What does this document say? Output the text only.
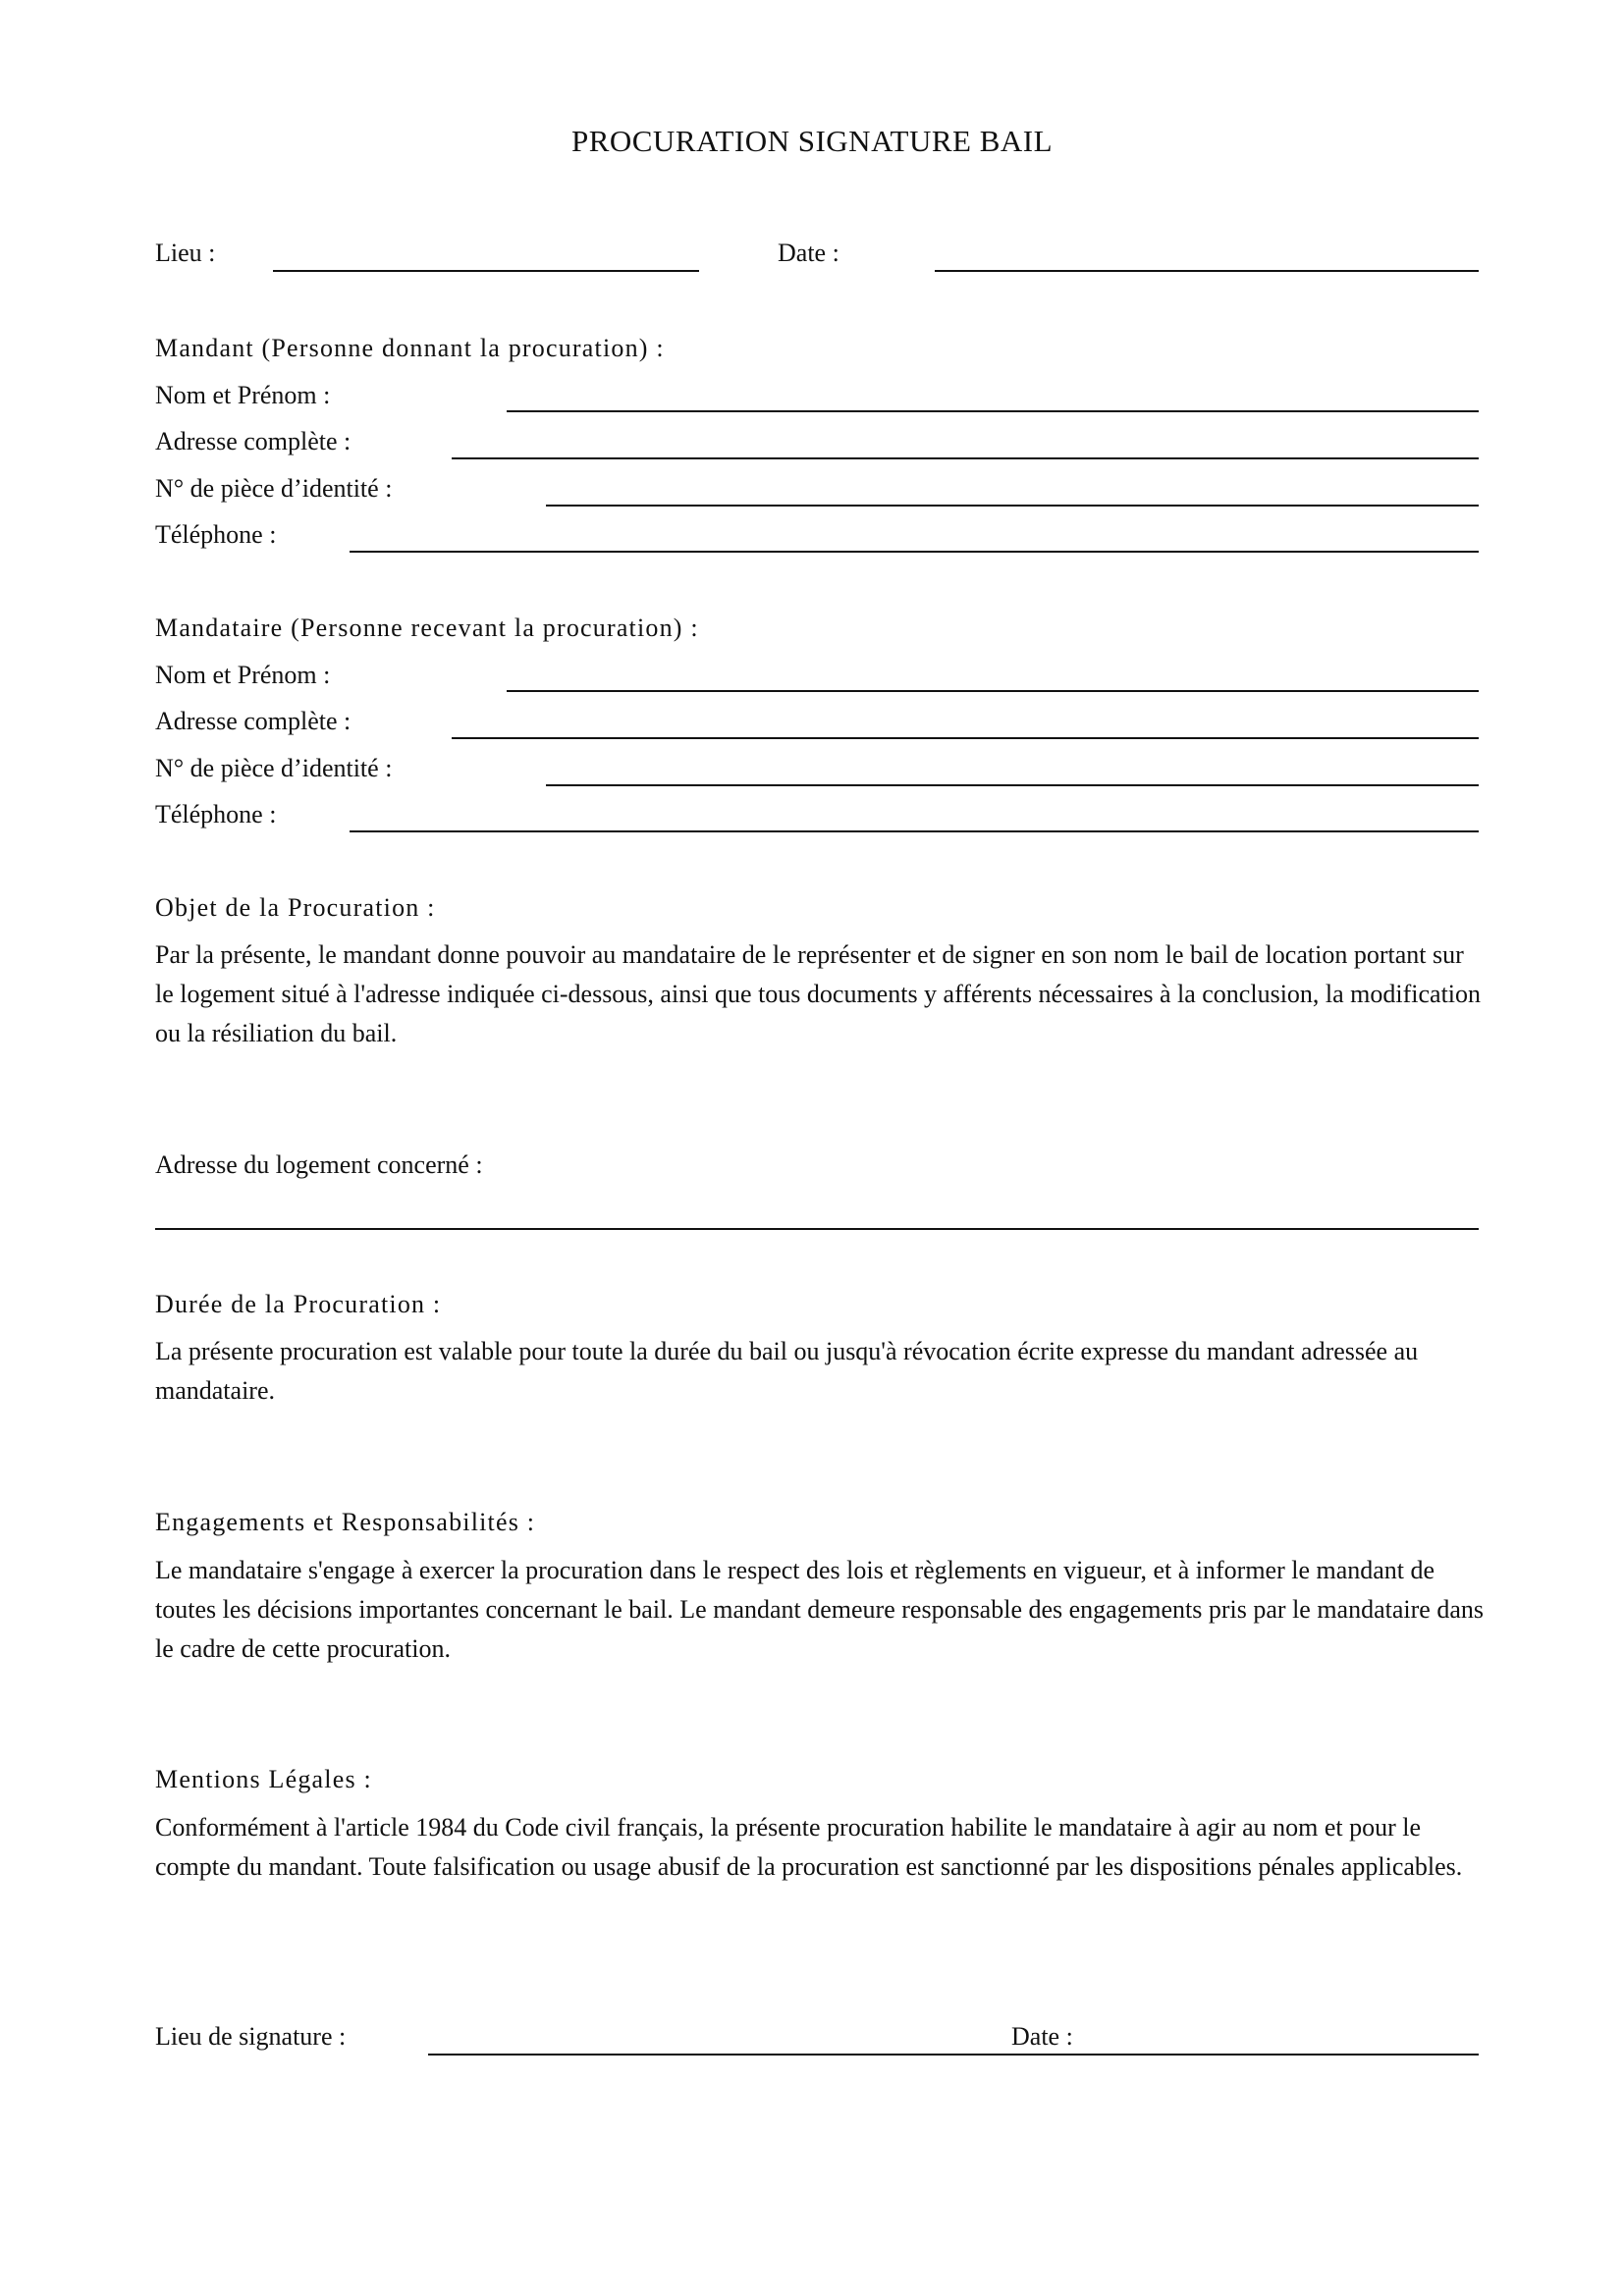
PROCURATION SIGNATURE BAIL
Lieu :	Date :
Mandant (Personne donnant la procuration) :
Nom et Prénom :
Adresse complète :
N° de pièce d’identité :
Téléphone :
Mandataire (Personne recevant la procuration) :
Nom et Prénom :
Adresse complète :
N° de pièce d’identité :
Téléphone :
Objet de la Procuration :
Par la présente, le mandant donne pouvoir au mandataire de le représenter et de signer en son nom le bail de location portant sur le logement situé à l'adresse indiquée ci-dessous, ainsi que tous documents y afférents nécessaires à la conclusion, la modification ou la résiliation du bail.
Adresse du logement concerné :
Durée de la Procuration :
La présente procuration est valable pour toute la durée du bail ou jusqu'à révocation écrite expresse du mandant adressée au mandataire.
Engagements et Responsabilités :
Le mandataire s'engage à exercer la procuration dans le respect des lois et règlements en vigueur, et à informer le mandant de toutes les décisions importantes concernant le bail. Le mandant demeure responsable des engagements pris par le mandataire dans le cadre de cette procuration.
Mentions Légales :
Conformément à l'article 1984 du Code civil français, la présente procuration habilite le mandataire à agir au nom et pour le compte du mandant. Toute falsification ou usage abusif de la procuration est sanctionné par les dispositions pénales applicables.
Lieu de signature :	Date :
